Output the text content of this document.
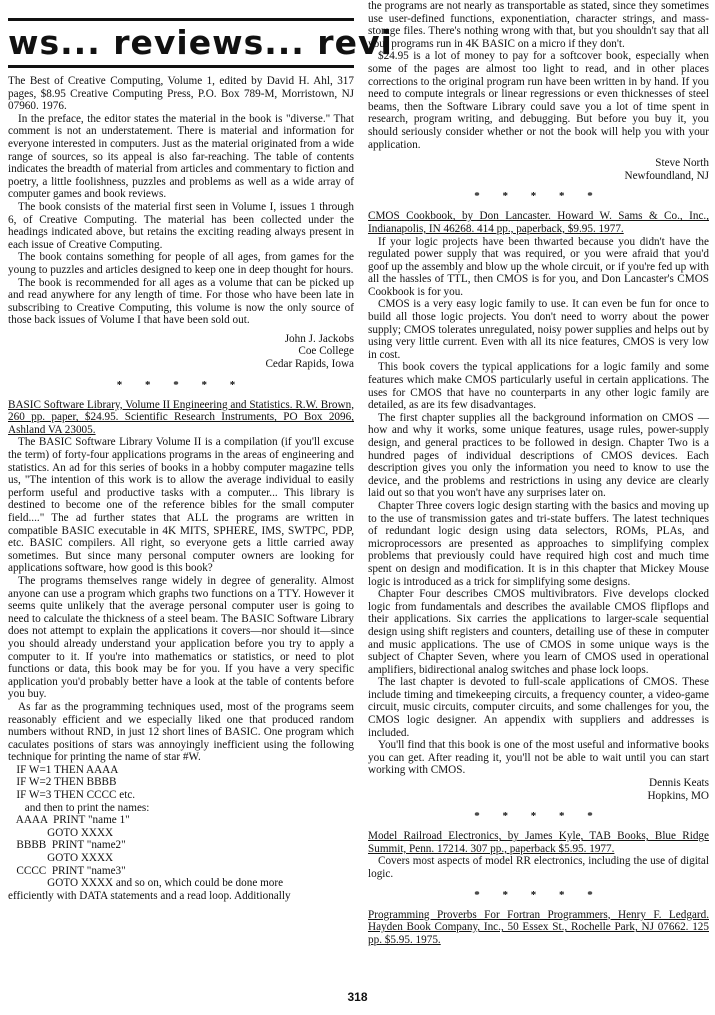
ws... reviews... revi

The Best of Creative Computing, Volume 1, edited by David H. Ahl, 317 pages, $8.95 Creative Computing Press, P.O. Box 789-M, Morristown, NJ 07960. 1976.

In the preface, the editor states the material in the book is "diverse." That comment is not an understatement. There is material and information for everyone interested in computers. Just as the material originated from a wide range of sources, so its appeal is also far-reaching. The table of contents indicates the breadth of material from articles and commentary to fiction and poetry, a little foolishness, puzzles and problems as well as a wide array of computer games and book reviews.

The book consists of the material first seen in Volume I, issues 1 through 6, of Creative Computing. The material has been collected under the headings indicated above, but retains the exciting reading always present in each issue of Creative Computing.

The book contains something for people of all ages, from games for the young to puzzles and articles designed to keep one in deep thought for hours.

The book is recommended for all ages as a volume that can be picked up and read anywhere for any length of time. For those who have been late in subscribing to Creative Computing, this volume is now the only source of those back issues of Volume I that have been sold out.

John J. Jackobs
Coe College
Cedar Rapids, Iowa
* * * * *

BASIC Software Library, Volume II Engineering and Statistics. R.W. Brown, 260 pp. paper, $24.95. Scientific Research Instruments, PO Box 2096, Ashland VA 23005.

The BASIC Software Library Volume II is a compilation (if you'll excuse the term) of forty-four applications programs in the areas of engineering and statistics. An ad for this series of books in a hobby computer magazine tells us, "The intention of this work is to allow the average individual to easily perform useful and productive tasks with a computer... This library is destined to become one of the reference bibles for the small computer field...." The ad further states that ALL the programs are written in compatible BASIC executable in 4K MITS, SPHERE, IMS, SWTPC, PDP, etc. BASIC compilers. All right, so everyone gets a little carried away sometimes. But since many personal computer owners are looking for applications software, how good is this book?

The programs themselves range widely in degree of generality. Almost anyone can use a program which graphs two functions on a TTY. However it seems quite unlikely that the average personal computer user is going to need to calculate the thickness of a steel beam. The BASIC Software Library does not attempt to explain the applications it covers—nor should it—since you should already understand your application before you try to apply a computer to it. If you're into mathematics or statistics, or need to plot functions or data, this book may be for you. If you have a very specific application you'd probably better have a look at the table of contents before you buy.

As far as the programming techniques used, most of the programs seem reasonably efficient and we especially liked one that produced random numbers without RND, in just 12 short lines of BASIC. One program which caculates positions of stars was annoyingly inefficient using the following technique for printing the name of star #W.

IF W=1 THEN AAAA
IF W=2 THEN BBBB
IF W=3 THEN CCCC etc.
and then to print the names:
AAAA  PRINT "name 1"
GOTO XXXX
BBBB  PRINT "name2"
GOTO XXXX
CCCC  PRINT "name3"
GOTO XXXX and so on, which could be done more

efficiently with DATA statements and a read loop. Additionally

the programs are not nearly as transportable as stated, since they sometimes use user-defined functions, exponentiation, character strings, and mass-storage files. There's nothing wrong with that, but you shouldn't say that all your programs run in 4K BASIC on a micro if they don't.

$24.95 is a lot of money to pay for a softcover book, especially when some of the pages are almost too light to read, and in other places corrections to the original program run have been written in by hand. If you need to compute integrals or linear regressions or even thicknesses of steel beams, then the Software Library could save you a lot of time spent in research, program writing, and debugging. But before you buy it, you should seriously consider whether or not the book will help you with your application.

Steve North
Newfoundland, NJ
* * * * *

CMOS Cookbook, by Don Lancaster. Howard W. Sams & Co., Inc., Indianapolis, IN 46268. 414 pp., paperback, $9.95. 1977.

If your logic projects have been thwarted because you didn't have the regulated power supply that was required, or you were afraid that you'd goof up the assembly and blow up the whole circuit, or if you're fed up with all the hassles of TTL, then CMOS is for you, and Don Lancaster's CMOS Cookbook is for you.

CMOS is a very easy logic family to use. It can even be fun for once to build all those logic projects. You don't need to worry about the power supply; CMOS tolerates unregulated, noisy power supplies and helps out by using very little current. Even with all its nice features, CMOS is very low in cost.

This book covers the typical applications for a logic family and some features which make CMOS particularly useful in certain applications. The uses for CMOS that have no counterparts in any other logic family are detailed, as are its few disadvantages.

The first chapter supplies all the background information on CMOS — how and why it works, some unique features, usage rules, power-supply design, and general practices to be followed in design. Chapter Two is a hundred pages of individual descriptions of CMOS devices. Each description gives you only the information you need to know to use the device, and the problems and restrictions in using any device are clearly laid out so that you won't have any surprises later on.

Chapter Three covers logic design starting with the basics and moving up to the use of transmission gates and tri-state buffers. The latest techniques of redundant logic design using data selectors, ROMs, PLAs, and microprocessors are presented as approaches to simplifying complex problems that previously could have required high cost and much time spent on design and modification. It is in this chapter that Mickey Mouse logic is introduced as a trick for simplifying some designs.

Chapter Four describes CMOS multivibrators. Five develops clocked logic from fundamentals and describes the available CMOS flipflops and their applications. Six carries the applications to larger-scale sequential design using shift registers and counters, detailing use of these in computer and music applications. The use of CMOS in some unique ways is the subject of Chapter Seven, where you learn of CMOS used in operational amplifiers, bidirectional analog switches and phase lock loops.

The last chapter is devoted to full-scale applications of CMOS. These include timing and timekeeping circuits, a frequency counter, a video-game circuit, music circuits, computer circuits, and some challenges for you, the CMOS logic designer. An appendix with suppliers and addresses is included.

You'll find that this book is one of the most useful and informative books you can get. After reading it, you'll not be able to wait until you can start working with CMOS.

Dennis Keats
Hopkins, MO
* * * * *

Model Railroad Electronics, by James Kyle, TAB Books, Blue Ridge Summit, Penn. 17214. 307 pp., paperback $5.95. 1977.

Covers most aspects of model RR electronics, including the use of digital logic.

* * * * *

Programming Proverbs For Fortran Programmers, Henry F. Ledgard. Hayden Book Company, Inc., 50 Essex St., Rochelle Park, NJ 07662. 125 pp. $5.95. 1975.

318
